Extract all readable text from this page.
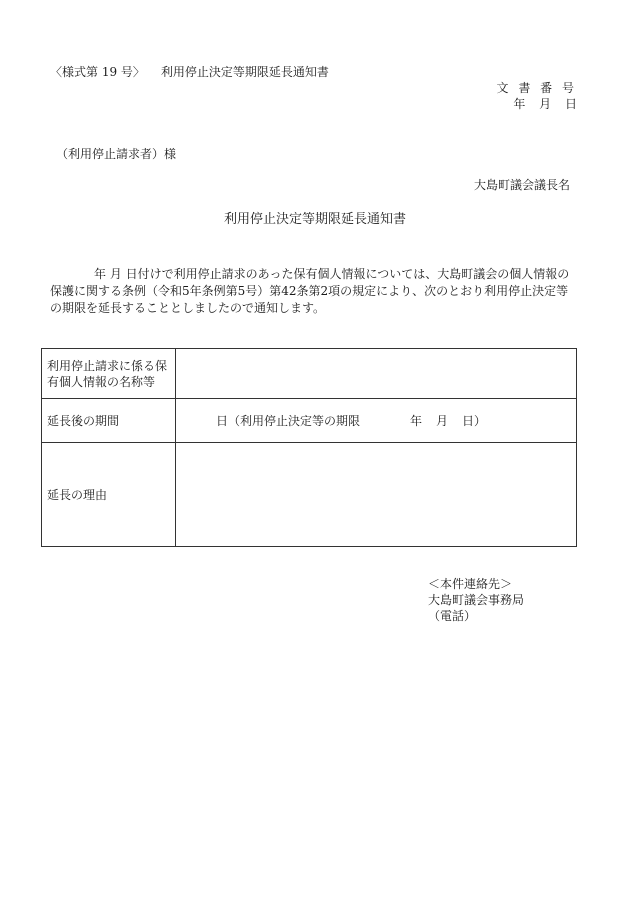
〈様式第 19 号〉 利用停止決定等期限延長通知書
文 書 番 号
年 月 日
（利用停止請求者）様
大島町議会議長名
利用停止決定等期限延長通知書
年 月 日付けで利用停止請求のあった保有個人情報については、大島町議会の個人情報の保護に関する条例（令和5年条例第5号）第42条第2項の規定により、次のとおり利用停止決定等の期限を延長することとしましたので通知します。
利用停止請求に係る保有個人情報の名称等	
延長後の期間	日（利用停止決定等の期限 年 月 日）

延長の理由	
＜本件連絡先＞
大島町議会事務局
（電話）
